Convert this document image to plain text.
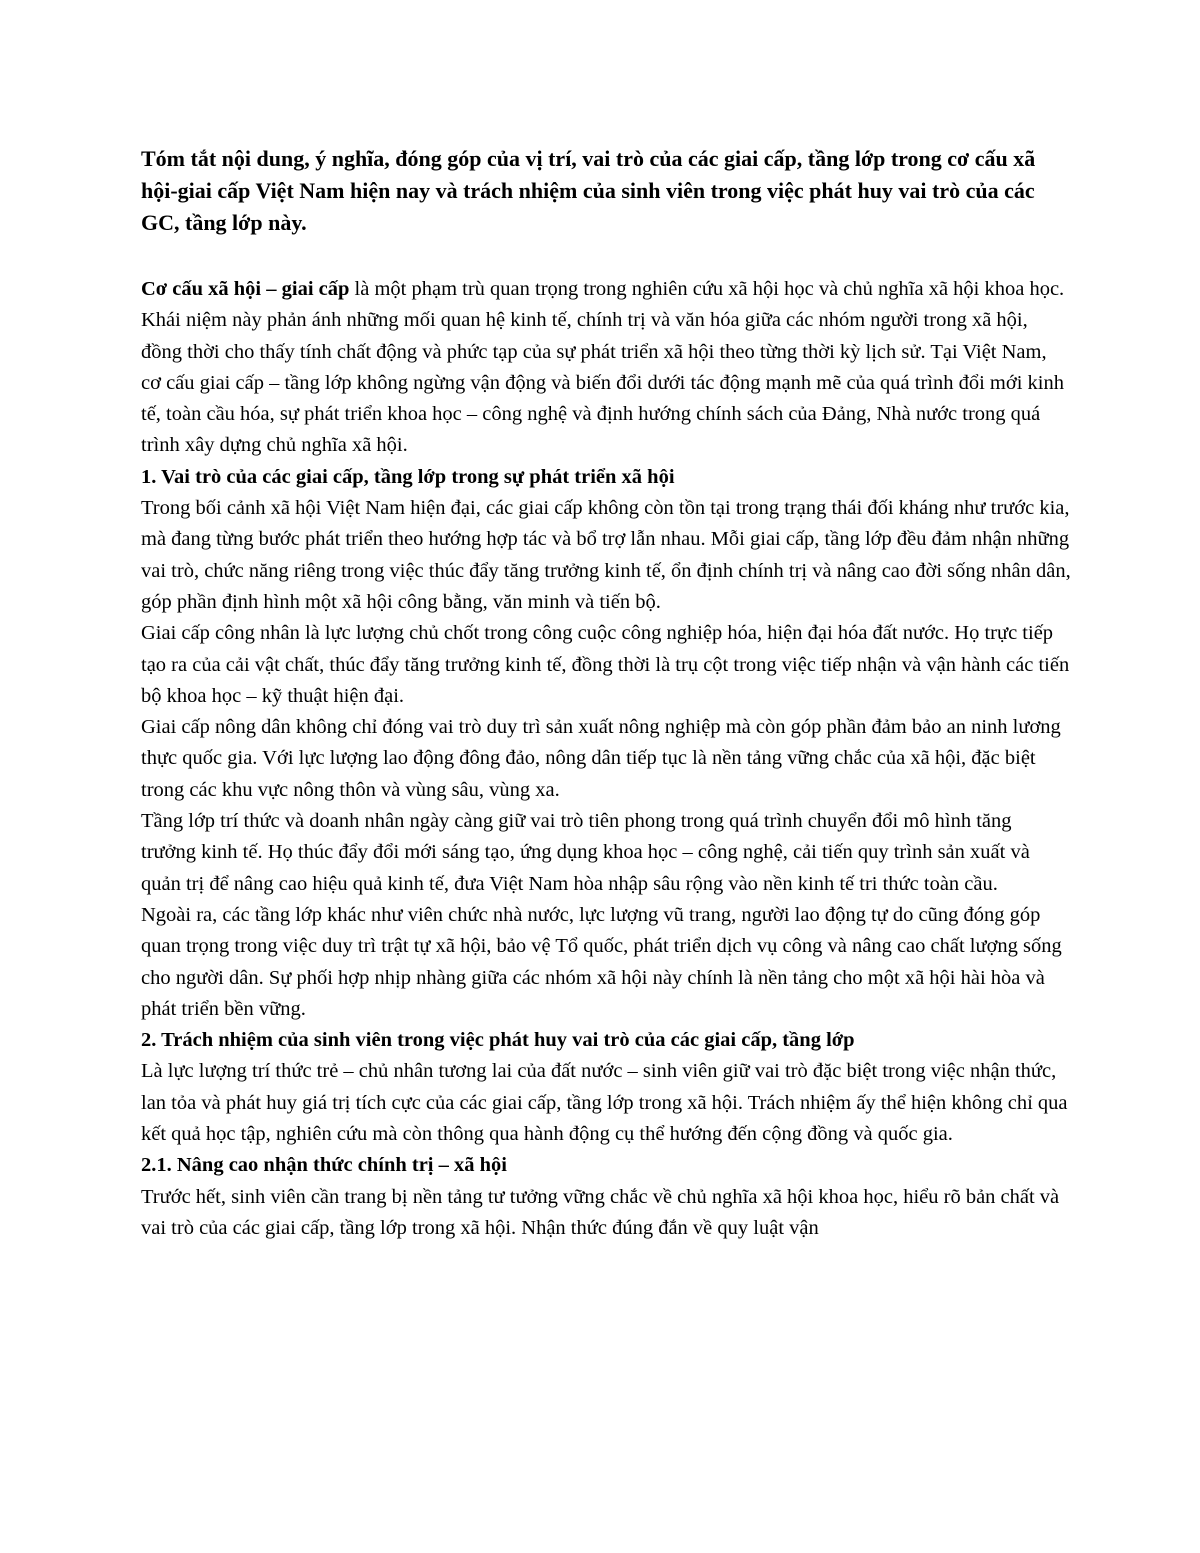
Tóm tắt nội dung, ý nghĩa, đóng góp của vị trí, vai trò của các giai cấp, tầng lớp trong cơ cấu xã hội-giai cấp Việt Nam hiện nay và trách nhiệm của sinh viên trong việc phát huy vai trò của các GC, tầng lớp này.

Cơ cấu xã hội – giai cấp là một phạm trù quan trọng trong nghiên cứu xã hội học và chủ nghĩa xã hội khoa học. Khái niệm này phản ánh những mối quan hệ kinh tế, chính trị và văn hóa giữa các nhóm người trong xã hội, đồng thời cho thấy tính chất động và phức tạp của sự phát triển xã hội theo từng thời kỳ lịch sử. Tại Việt Nam, cơ cấu giai cấp – tầng lớp không ngừng vận động và biến đổi dưới tác động mạnh mẽ của quá trình đổi mới kinh tế, toàn cầu hóa, sự phát triển khoa học – công nghệ và định hướng chính sách của Đảng, Nhà nước trong quá trình xây dựng chủ nghĩa xã hội.

1. Vai trò của các giai cấp, tầng lớp trong sự phát triển xã hội

Trong bối cảnh xã hội Việt Nam hiện đại, các giai cấp không còn tồn tại trong trạng thái đối kháng như trước kia, mà đang từng bước phát triển theo hướng hợp tác và bổ trợ lẫn nhau. Mỗi giai cấp, tầng lớp đều đảm nhận những vai trò, chức năng riêng trong việc thúc đẩy tăng trưởng kinh tế, ổn định chính trị và nâng cao đời sống nhân dân, góp phần định hình một xã hội công bằng, văn minh và tiến bộ.

Giai cấp công nhân là lực lượng chủ chốt trong công cuộc công nghiệp hóa, hiện đại hóa đất nước. Họ trực tiếp tạo ra của cải vật chất, thúc đẩy tăng trưởng kinh tế, đồng thời là trụ cột trong việc tiếp nhận và vận hành các tiến bộ khoa học – kỹ thuật hiện đại.

Giai cấp nông dân không chỉ đóng vai trò duy trì sản xuất nông nghiệp mà còn góp phần đảm bảo an ninh lương thực quốc gia. Với lực lượng lao động đông đảo, nông dân tiếp tục là nền tảng vững chắc của xã hội, đặc biệt trong các khu vực nông thôn và vùng sâu, vùng xa.

Tầng lớp trí thức và doanh nhân ngày càng giữ vai trò tiên phong trong quá trình chuyển đổi mô hình tăng trưởng kinh tế. Họ thúc đẩy đổi mới sáng tạo, ứng dụng khoa học – công nghệ, cải tiến quy trình sản xuất và quản trị để nâng cao hiệu quả kinh tế, đưa Việt Nam hòa nhập sâu rộng vào nền kinh tế tri thức toàn cầu.

Ngoài ra, các tầng lớp khác như viên chức nhà nước, lực lượng vũ trang, người lao động tự do cũng đóng góp quan trọng trong việc duy trì trật tự xã hội, bảo vệ Tổ quốc, phát triển dịch vụ công và nâng cao chất lượng sống cho người dân. Sự phối hợp nhịp nhàng giữa các nhóm xã hội này chính là nền tảng cho một xã hội hài hòa và phát triển bền vững.

2. Trách nhiệm của sinh viên trong việc phát huy vai trò của các giai cấp, tầng lớp

Là lực lượng trí thức trẻ – chủ nhân tương lai của đất nước – sinh viên giữ vai trò đặc biệt trong việc nhận thức, lan tỏa và phát huy giá trị tích cực của các giai cấp, tầng lớp trong xã hội. Trách nhiệm ấy thể hiện không chỉ qua kết quả học tập, nghiên cứu mà còn thông qua hành động cụ thể hướng đến cộng đồng và quốc gia.

2.1. Nâng cao nhận thức chính trị – xã hội

Trước hết, sinh viên cần trang bị nền tảng tư tưởng vững chắc về chủ nghĩa xã hội khoa học, hiểu rõ bản chất và vai trò của các giai cấp, tầng lớp trong xã hội. Nhận thức đúng đắn về quy luật vận
